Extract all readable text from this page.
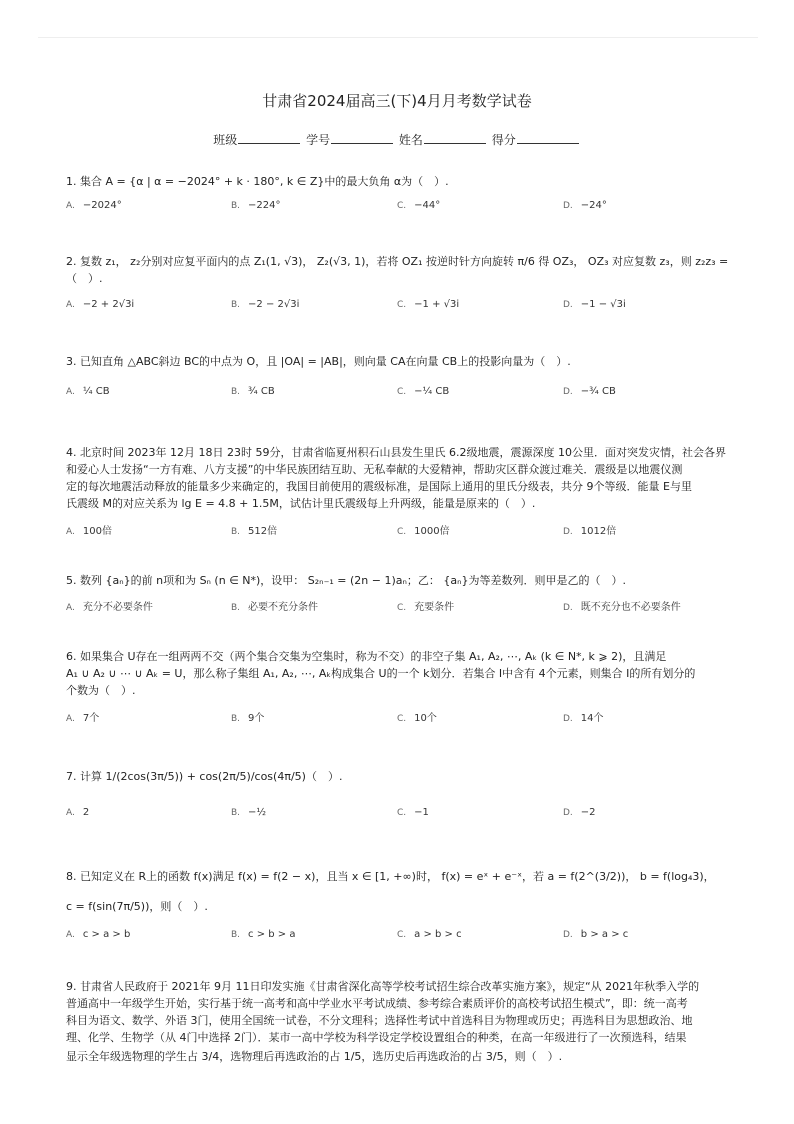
甘肃省2024届高三(下)4月月考数学试卷
班级	学号	姓名	得分
1. 集合 A = {α | α = −2024° + k · 180°, k ∈ Z}中的最大负角 α为（　）.
A. −2024°	B. −224°	C. −44°	D. −24°
2. 复数 z₁， z₂分别对应复平面内的点 Z₁(1, √3)， Z₂(√3, 1)，若将 OZ₁ 按逆时针方向旋转 π/6 得 OZ₃， OZ₃ 对应复数 z₃，则 z₂z₃ =
（　）.
A. −2 + 2√3i	B. −2 − 2√3i	C. −1 + √3i	D. −1 − √3i
3. 已知直角 △ABC斜边 BC的中点为 O，且 |OA| = |AB|，则向量 CA在向量 CB上的投影向量为（　）.
A. ¼ CB	B. ¾ CB	C. −¼ CB	D. −¾ CB
4. 北京时间 2023年 12月 18日 23时 59分，甘肃省临夏州积石山县发生里氏 6.2级地震，震源深度 10公里．面对突发灾情，社会各界
和爱心人士发扬“一方有难、八方支援”的中华民族团结互助、无私奉献的大爱精神，帮助灾区群众渡过难关．震级是以地震仪测
定的每次地震活动释放的能量多少来确定的，我国目前使用的震级标准，是国际上通用的里氏分级表，共分 9个等级．能量 E与里
氏震级 M的对应关系为 lg E = 4.8 + 1.5M，试估计里氏震级每上升两级，能量是原来的（　）.
A. 100倍	B. 512倍	C. 1000倍	D. 1012倍
5. 数列 {aₙ}的前 n项和为 Sₙ (n ∈ N*)，设甲： S₂ₙ₋₁ = (2n − 1)aₙ；乙： {aₙ}为等差数列．则甲是乙的（　）.
A. 充分不必要条件	B. 必要不充分条件	C. 充要条件	D. 既不充分也不必要条件
6. 如果集合 U存在一组两两不交（两个集合交集为空集时，称为不交）的非空子集 A₁, A₂, ⋯, Aₖ (k ∈ N*, k ⩾ 2)，且满足
A₁ ∪ A₂ ∪ ⋯ ∪ Aₖ = U，那么称子集组 A₁, A₂, ⋯, Aₖ构成集合 U的一个 k划分．若集合 I中含有 4个元素，则集合 I的所有划分的
个数为（　）.
A. 7个	B. 9个	C. 10个	D. 14个
7. 计算 1/(2cos(3π/5)) + cos(2π/5)/cos(4π/5)（　）.
A. 2	B. −½	C. −1	D. −2
8. 已知定义在 R上的函数 f(x)满足 f(x) = f(2 − x)，且当 x ∈ [1, +∞)时， f(x) = eˣ + e⁻ˣ，若 a = f(2^(3/2))， b = f(log₄3)，
c = f(sin(7π/5))，则（　）.
A. c > a > b	B. c > b > a	C. a > b > c	D. b > a > c
9. 甘肃省人民政府于 2021年 9月 11日印发实施《甘肃省深化高等学校考试招生综合改革实施方案》，规定“从 2021年秋季入学的
普通高中一年级学生开始，实行基于统一高考和高中学业水平考试成绩、参考综合素质评价的高校考试招生模式”，即：统一高考
科目为语文、数学、外语 3门，使用全国统一试卷，不分文理科；选择性考试中首选科目为物理或历史；再选科目为思想政治、地
理、化学、生物学（从 4门中选择 2门）．某市一高中学校为科学设定学校设置组合的种类，在高一年级进行了一次预选科，结果
显示全年级选物理的学生占 3/4，选物理后再选政治的占 1/5，选历史后再选政治的占 3/5，则（　）.
